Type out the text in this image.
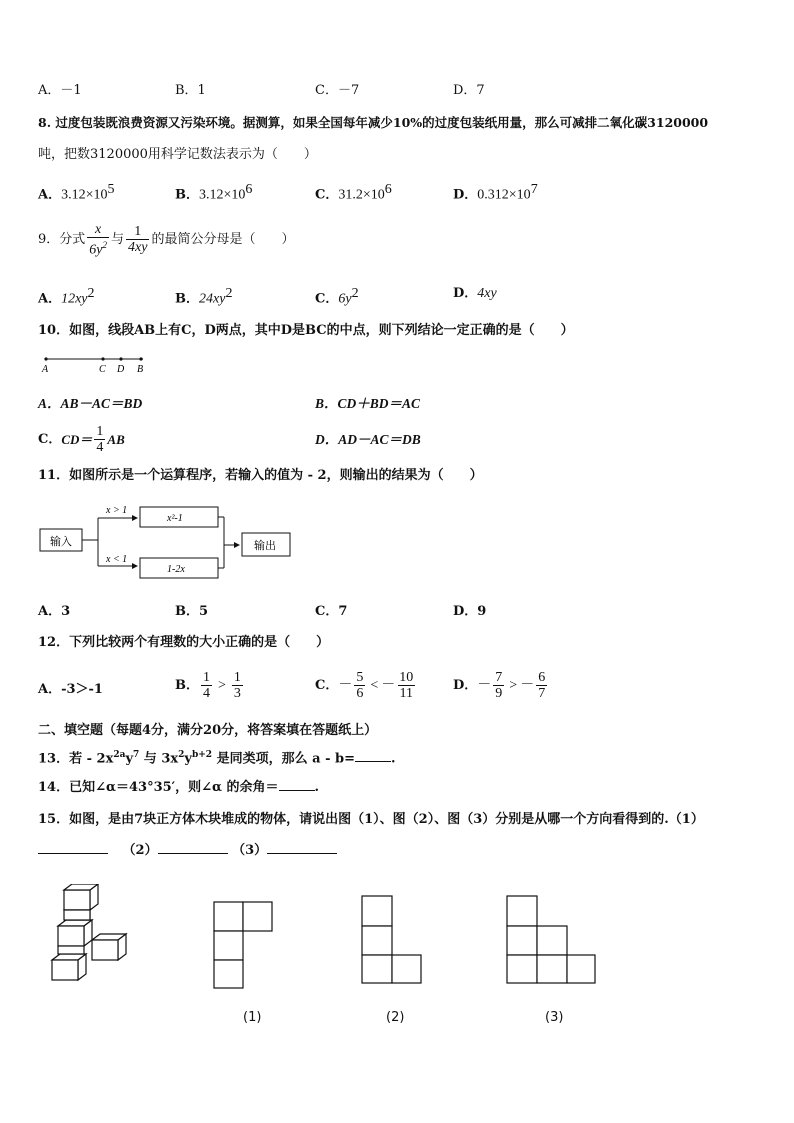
A．－1	B．1	C．－7	D．7
8. 过度包装既浪费资源又污染环境。据测算，如果全国每年减少10%的过度包装纸用量，那么可减排二氧化碳3120000
吨，把数3120000用科学记数法表示为（　　）
A．$3.12\times 10^5$	B．$3.12\times 10^6$	C．$31.2\times 10^6$	D．$0.312\times 10^7$
9．分式 $\frac{x}{6y^2}$ 与 $\frac{1}{4xy}$ 的最简公分母是（　　）
A．$12xy^2$	B．$24xy^2$	C．$6y^2$	D．4xy
10．如图，线段AB上有C，D两点，其中D是BC的中点，则下列结论一定正确的是（　　）
A	C D B
A．AB－AC＝BD	B．CD＋BD＝AC
C． $CD= \frac{1}{4}$ AB	D．AD－AC＝DB
11．如图所示是一个运算程序，若输入的值为 - 2，则输出的结果为（　　）
输入
x > 1
x < 1
x²-1
1-2x
输出
A．3	B．5	C．7	D．9
12．下列比较两个有理数的大小正确的是（　　）
A．-3＞-1	B． $\frac{1}{4} > \frac{1}{3}$	C． － $\frac{5}{6}$ < － $\frac{10}{11}$	D． － $\frac{7}{9}$ > － $\frac{6}{7}$
二、填空题（每题4分，满分20分，将答案填在答题纸上）
13．若 - $2x^{2a}y^7$ 与 $3x^2y^{b+2}$ 是同类项，那么 a - b=	.
14．已知∠α＝43°35′，则∠α 的余角＝	.
15．如图，是由7块正方体木块堆成的物体，请说出图（1）、图（2）、图（3）分别是从哪一个方向看得到的.（1）
（2）	（3）
(1)	(2)	(3)
